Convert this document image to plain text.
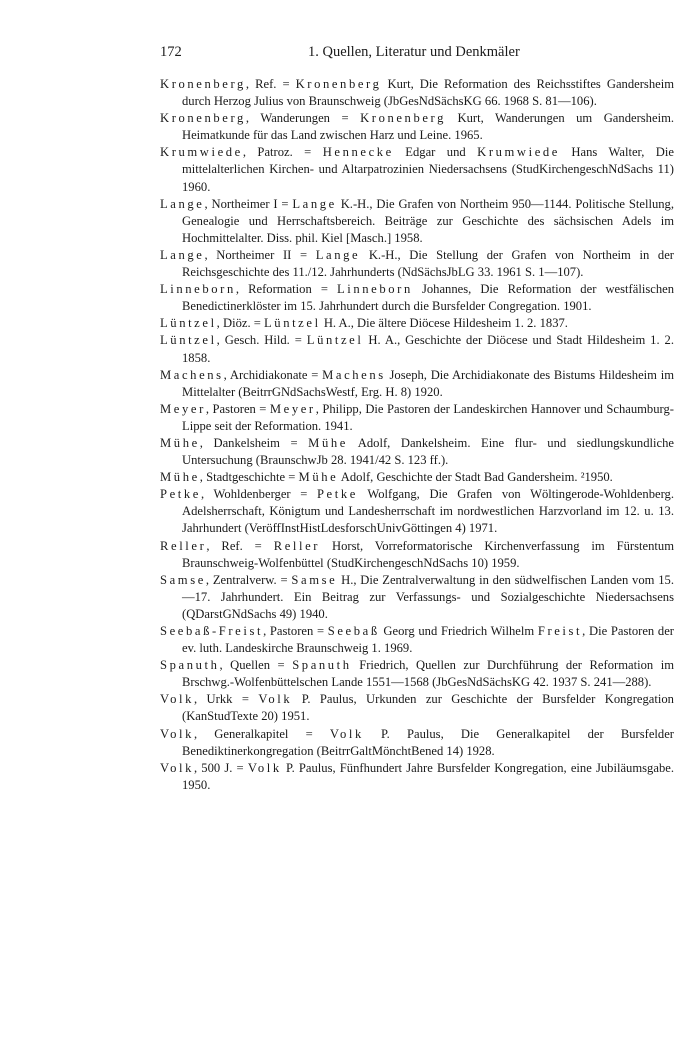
172	1. Quellen, Literatur und Denkmäler

Kronenberg, Ref. = Kronenberg Kurt, Die Reformation des Reichsstiftes Gandersheim durch Herzog Julius von Braunschweig (JbGesNdSächsKG 66. 1968 S. 81—106).

Kronenberg, Wanderungen = Kronenberg Kurt, Wanderungen um Gandersheim. Heimatkunde für das Land zwischen Harz und Leine. 1965.

Krumwiede, Patroz. = Hennecke Edgar und Krumwiede Hans Walter, Die mittelalterlichen Kirchen- und Altarpatrozinien Niedersachsens (StudKirchengeschNdSachs 11) 1960.

Lange, Northeimer I = Lange K.-H., Die Grafen von Northeim 950—1144. Politische Stellung, Genealogie und Herrschaftsbereich. Beiträge zur Geschichte des sächsischen Adels im Hochmittelalter. Diss. phil. Kiel [Masch.] 1958.

Lange, Northeimer II = Lange K.-H., Die Stellung der Grafen von Northeim in der Reichsgeschichte des 11./12. Jahrhunderts (NdSächsJbLG 33. 1961 S. 1—107).

Linneborn, Reformation = Linneborn Johannes, Die Reformation der westfälischen Benedictinerklöster im 15. Jahrhundert durch die Bursfelder Congregation. 1901.

Lüntzel, Diöz. = Lüntzel H. A., Die ältere Diöcese Hildesheim 1. 2. 1837.

Lüntzel, Gesch. Hild. = Lüntzel H. A., Geschichte der Diöcese und Stadt Hildesheim 1. 2. 1858.

Machens, Archidiakonate = Machens Joseph, Die Archidiakonate des Bistums Hildesheim im Mittelalter (BeitrrGNdSachsWestf, Erg. H. 8) 1920.

Meyer, Pastoren = Meyer, Philipp, Die Pastoren der Landeskirchen Hannover und Schaumburg-Lippe seit der Reformation. 1941.

Mühe, Dankelsheim = Mühe Adolf, Dankelsheim. Eine flur- und siedlungskundliche Untersuchung (BraunschwJb 28. 1941/42 S. 123 ff.).

Mühe, Stadtgeschichte = Mühe Adolf, Geschichte der Stadt Bad Gandersheim. ²1950.

Petke, Wohldenberger = Petke Wolfgang, Die Grafen von Wöltingerode-Wohldenberg. Adelsherrschaft, Königtum und Landesherrschaft im nordwestlichen Harzvorland im 12. u. 13. Jahrhundert (VeröffInstHistLdesforschUnivGöttingen 4) 1971.

Reller, Ref. = Reller Horst, Vorreformatorische Kirchenverfassung im Fürstentum Braunschweig-Wolfenbüttel (StudKirchengeschNdSachs 10) 1959.

Samse, Zentralverw. = Samse H., Die Zentralverwaltung in den südwelfischen Landen vom 15.—17. Jahrhundert. Ein Beitrag zur Verfassungs- und Sozialgeschichte Niedersachsens (QDarstGNdSachs 49) 1940.

Seebaß-Freist, Pastoren = Seebaß Georg und Friedrich Wilhelm Freist, Die Pastoren der ev. luth. Landeskirche Braunschweig 1. 1969.

Spanuth, Quellen = Spanuth Friedrich, Quellen zur Durchführung der Reformation im Brschwg.-Wolfenbüttelschen Lande 1551—1568 (JbGesNdSächsKG 42. 1937 S. 241—288).

Volk, Urkk = Volk P. Paulus, Urkunden zur Geschichte der Bursfelder Kongregation (KanStudTexte 20) 1951.

Volk, Generalkapitel = Volk P. Paulus, Die Generalkapitel der Bursfelder Benediktinerkongregation (BeitrrGaltMönchtBened 14) 1928.

Volk, 500 J. = Volk P. Paulus, Fünfhundert Jahre Bursfelder Kongregation, eine Jubiläumsgabe. 1950.
